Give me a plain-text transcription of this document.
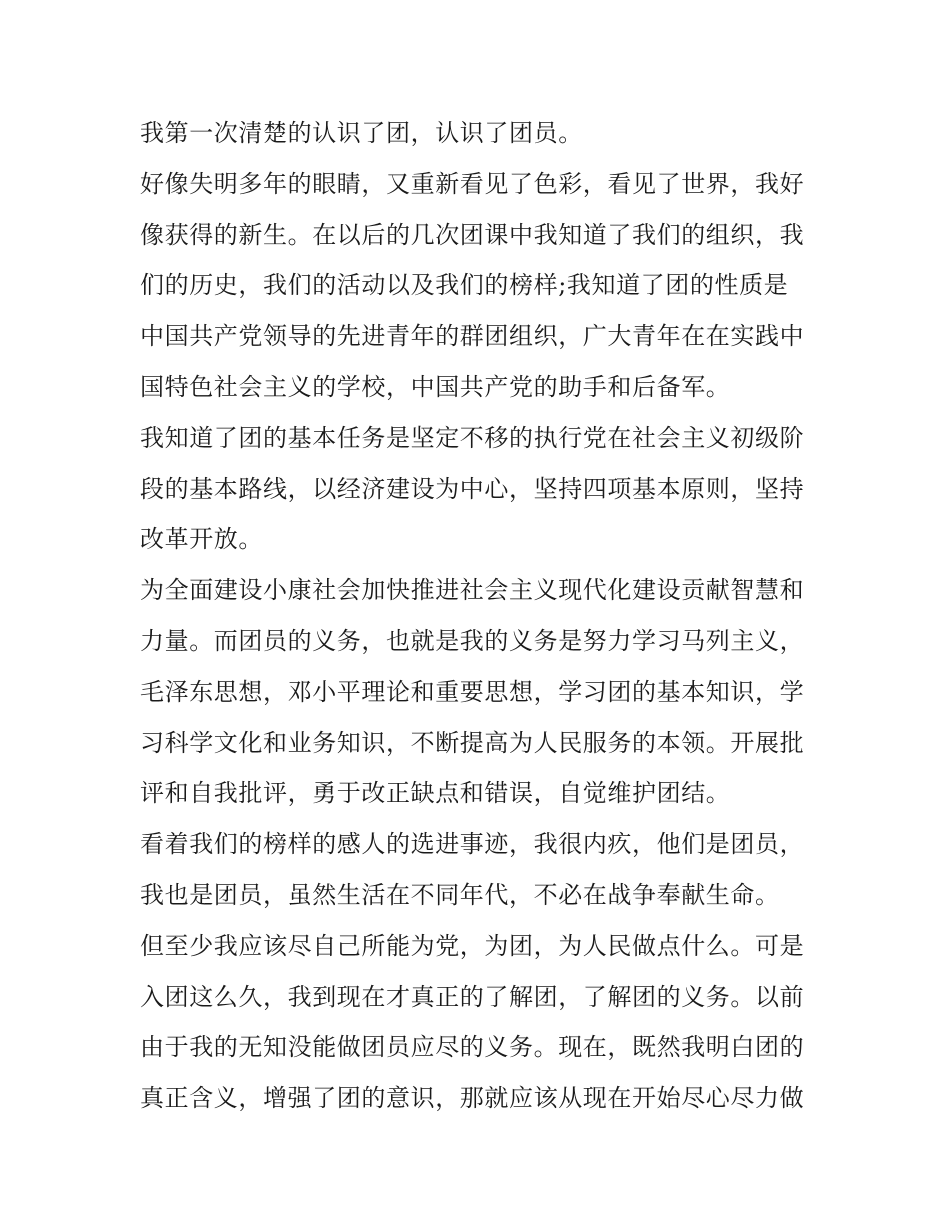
我第一次清楚的认识了团，认识了团员。
好像失明多年的眼睛，又重新看见了色彩，看见了世界，我好
像获得的新生。在以后的几次团课中我知道了我们的组织，我
们的历史，我们的活动以及我们的榜样;我知道了团的性质是
中国共产党领导的先进青年的群团组织，广大青年在在实践中
国特色社会主义的学校，中国共产党的助手和后备军。
我知道了团的基本任务是坚定不移的执行党在社会主义初级阶
段的基本路线，以经济建设为中心，坚持四项基本原则，坚持
改革开放。
为全面建设小康社会加快推进社会主义现代化建设贡献智慧和
力量。而团员的义务，也就是我的义务是努力学习马列主义，
毛泽东思想，邓小平理论和重要思想，学习团的基本知识，学
习科学文化和业务知识，不断提高为人民服务的本领。开展批
评和自我批评，勇于改正缺点和错误，自觉维护团结。
看着我们的榜样的感人的选进事迹，我很内疚，他们是团员，
我也是团员，虽然生活在不同年代，不必在战争奉献生命。
但至少我应该尽自己所能为党，为团，为人民做点什么。可是
入团这么久，我到现在才真正的了解团，了解团的义务。以前
由于我的无知没能做团员应尽的义务。现在，既然我明白团的
真正含义，增强了团的意识，那就应该从现在开始尽心尽力做
